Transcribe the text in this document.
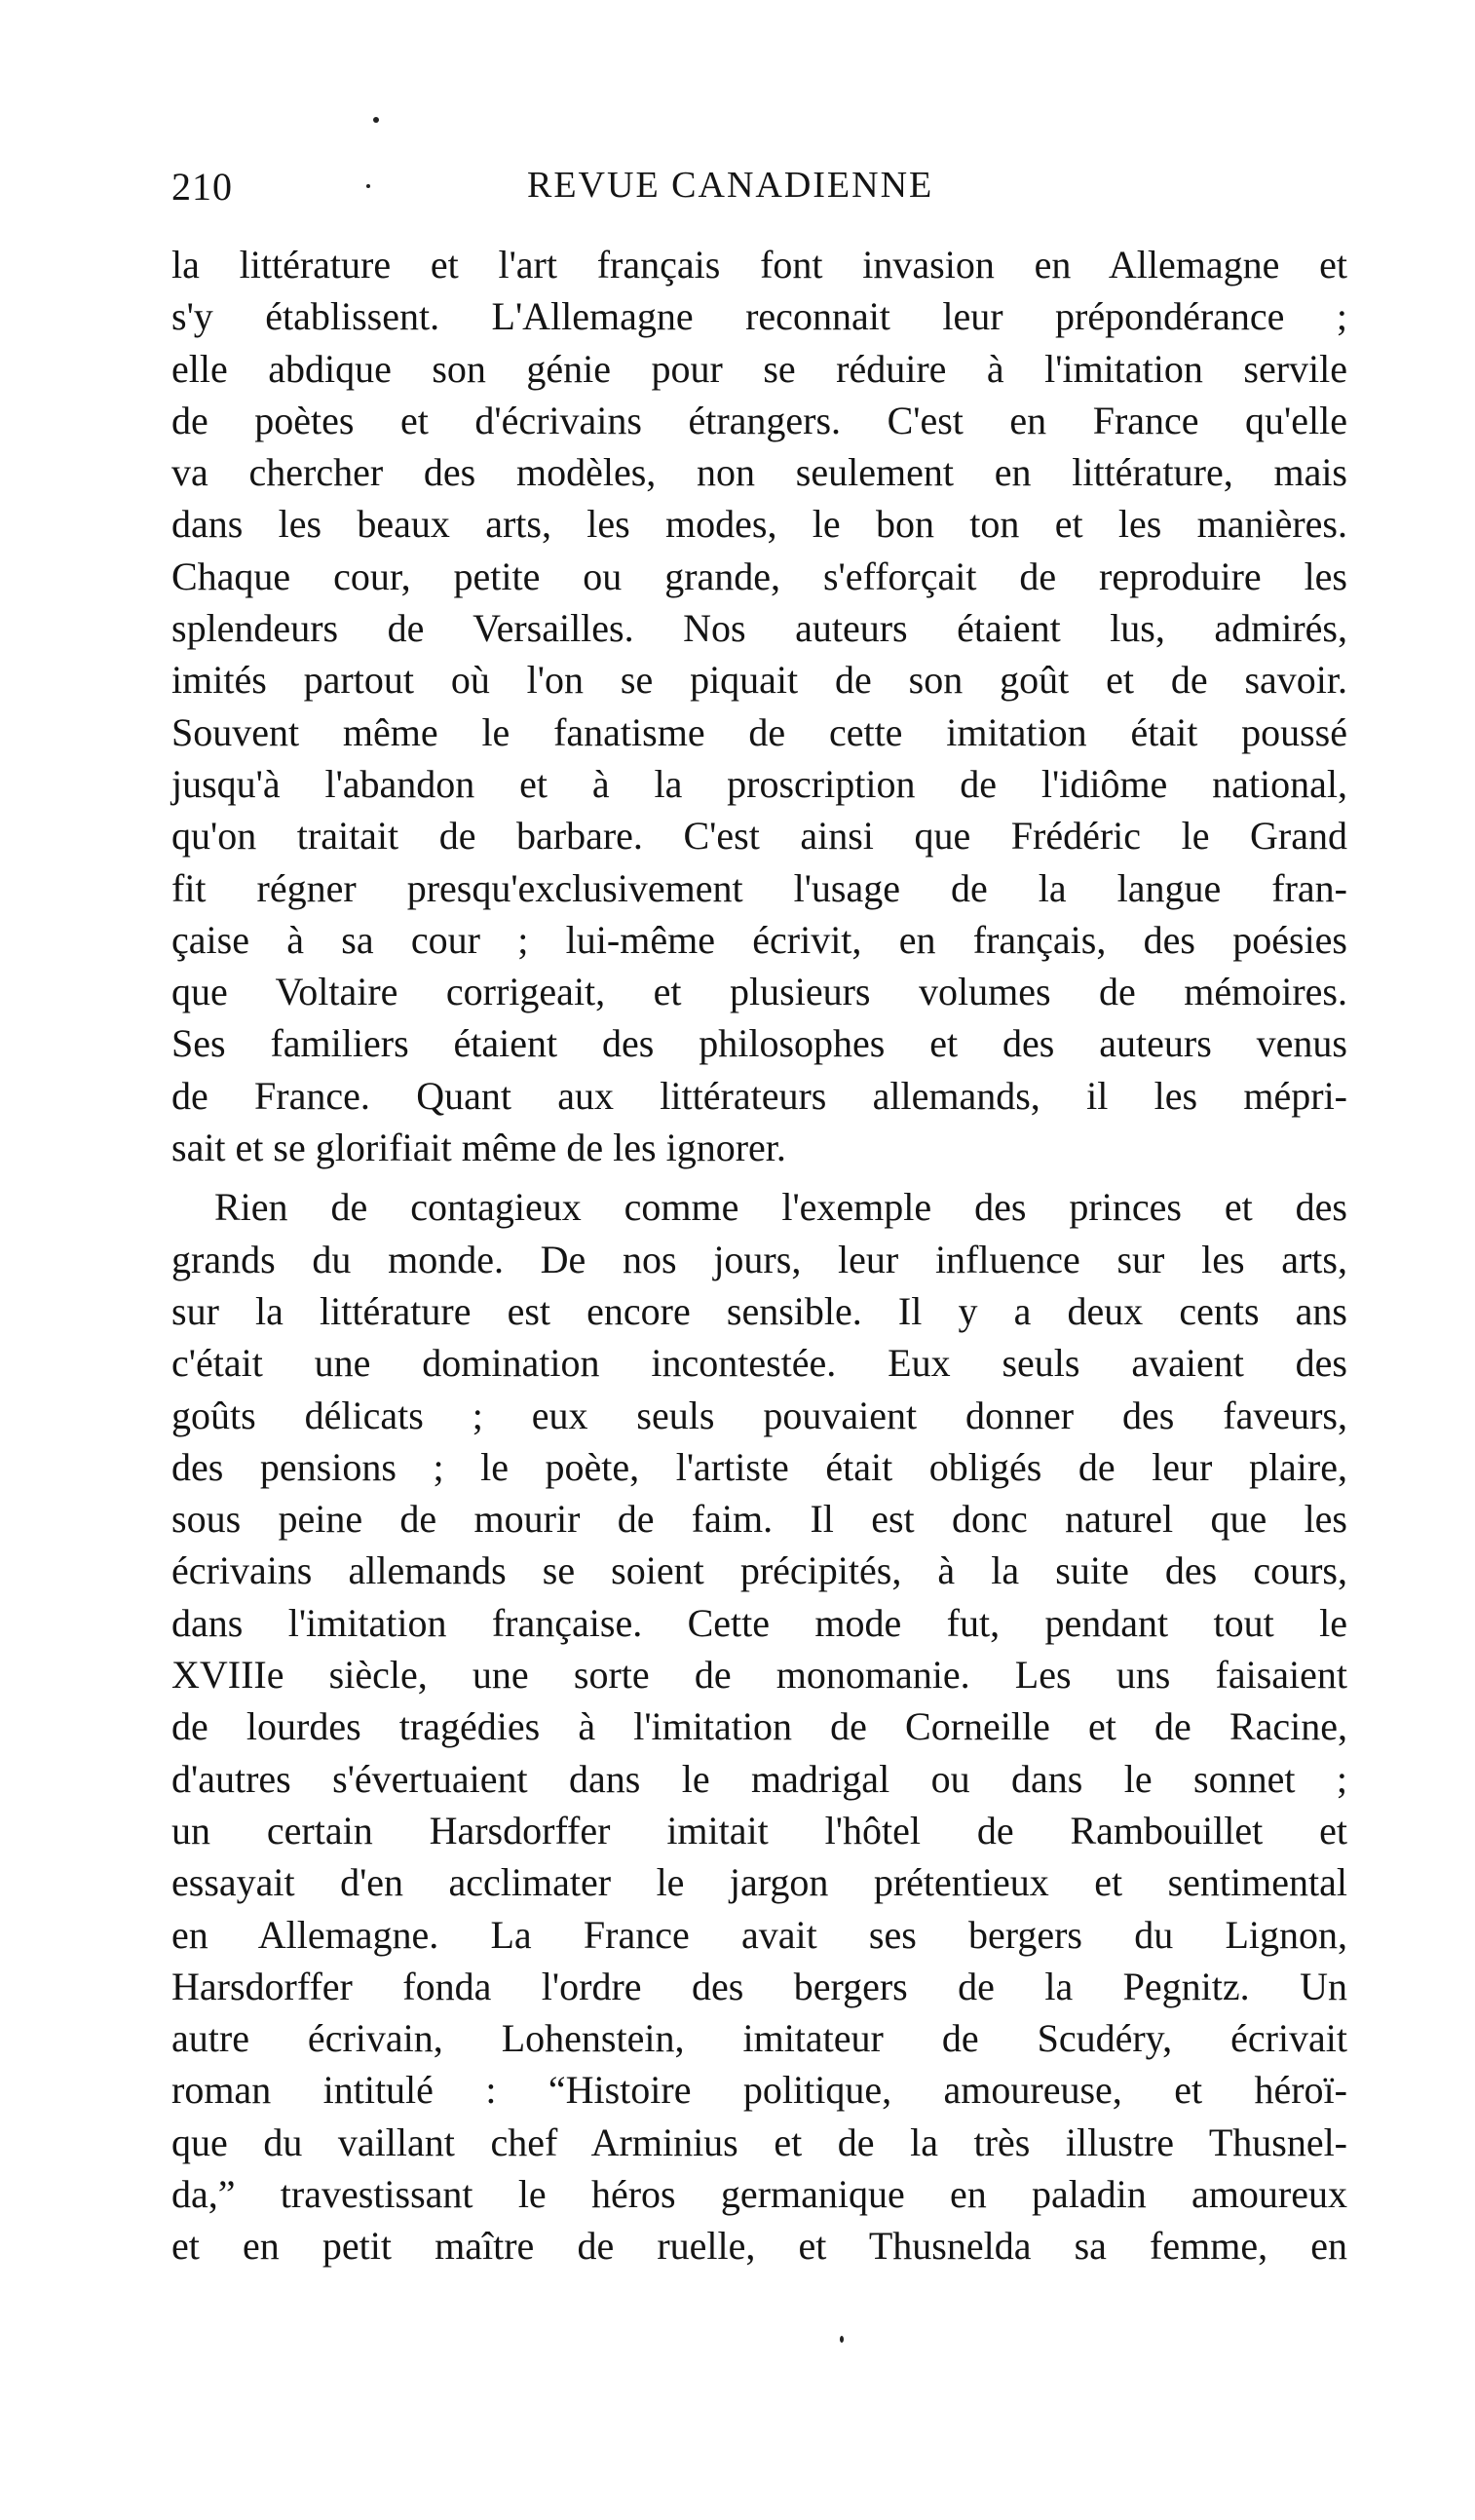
210	REVUE CANADIENNE
la littérature et l'art français font invasion en Allemagne et
s'y établissent. L'Allemagne reconnait leur prépondérance ;
elle abdique son génie pour se réduire à l'imitation servile
de poètes et d'écrivains étrangers. C'est en France qu'elle
va chercher des modèles, non seulement en littérature, mais
dans les beaux arts, les modes, le bon ton et les manières.
Chaque cour, petite ou grande, s'efforçait de reproduire les
splendeurs de Versailles. Nos auteurs étaient lus, admirés,
imités partout où l'on se piquait de son goût et de savoir.
Souvent même le fanatisme de cette imitation était poussé
jusqu'à l'abandon et à la proscription de l'idiôme national,
qu'on traitait de barbare. C'est ainsi que Frédéric le Grand
fit régner presqu'exclusivement l'usage de la langue fran-
çaise à sa cour ; lui-même écrivit, en français, des poésies
que Voltaire corrigeait, et plusieurs volumes de mémoires.
Ses familiers étaient des philosophes et des auteurs venus
de France. Quant aux littérateurs allemands, il les mépri-
sait et se glorifiait même de les ignorer.
Rien de contagieux comme l'exemple des princes et des
grands du monde. De nos jours, leur influence sur les arts,
sur la littérature est encore sensible. Il y a deux cents ans
c'était une domination incontestée. Eux seuls avaient des
goûts délicats ; eux seuls pouvaient donner des faveurs,
des pensions ; le poète, l'artiste était obligés de leur plaire,
sous peine de mourir de faim. Il est donc naturel que les
écrivains allemands se soient précipités, à la suite des cours,
dans l'imitation française. Cette mode fut, pendant tout le
XVIIIe siècle, une sorte de monomanie. Les uns faisaient
de lourdes tragédies à l'imitation de Corneille et de Racine,
d'autres s'évertuaient dans le madrigal ou dans le sonnet ;
un certain Harsdorffer imitait l'hôtel de Rambouillet et
essayait d'en acclimater le jargon prétentieux et sentimental
en Allemagne. La France avait ses bergers du Lignon,
Harsdorffer fonda l'ordre des bergers de la Pegnitz. Un
autre écrivain, Lohenstein, imitateur de Scudéry, écrivait
roman intitulé : “Histoire politique, amoureuse, et héroï-
que du vaillant chef Arminius et de la très illustre Thusnel-
da,” travestissant le héros germanique en paladin amoureux
et en petit maître de ruelle, et Thusnelda sa femme, en
